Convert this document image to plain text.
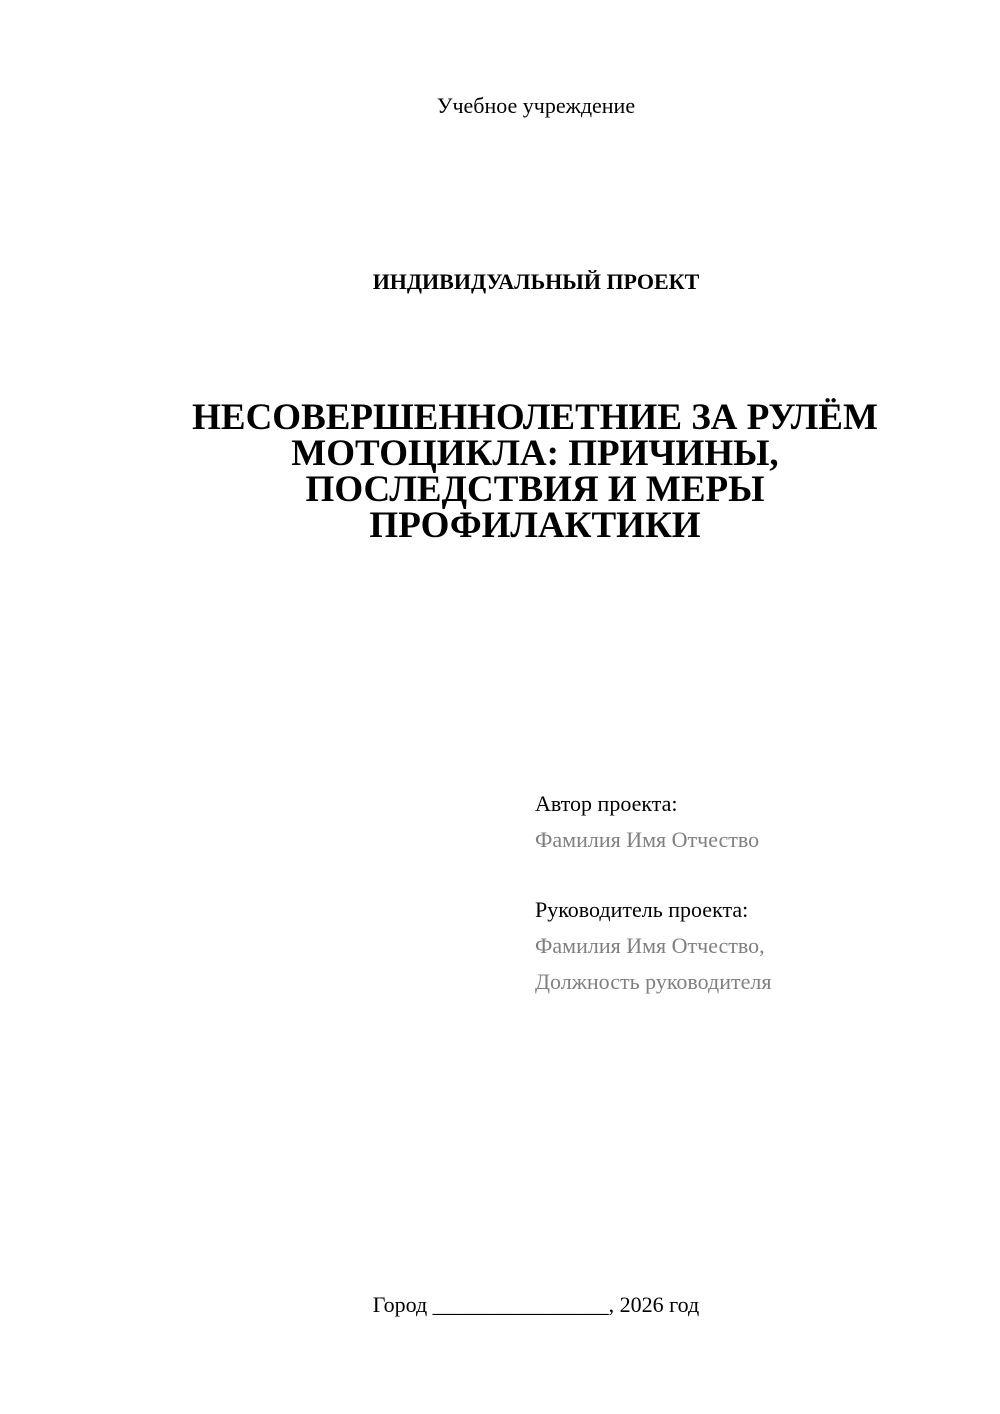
Учебное учреждение
ИНДИВИДУАЛЬНЫЙ ПРОЕКТ
НЕСОВЕРШЕННОЛЕТНИЕ ЗА РУЛЁМ МОТОЦИКЛА: ПРИЧИНЫ, ПОСЛЕДСТВИЯ И МЕРЫ ПРОФИЛАКТИКИ
Автор проекта:
Фамилия Имя Отчество
Руководитель проекта:
Фамилия Имя Отчество,
Должность руководителя
Город ________________, 2026 год
